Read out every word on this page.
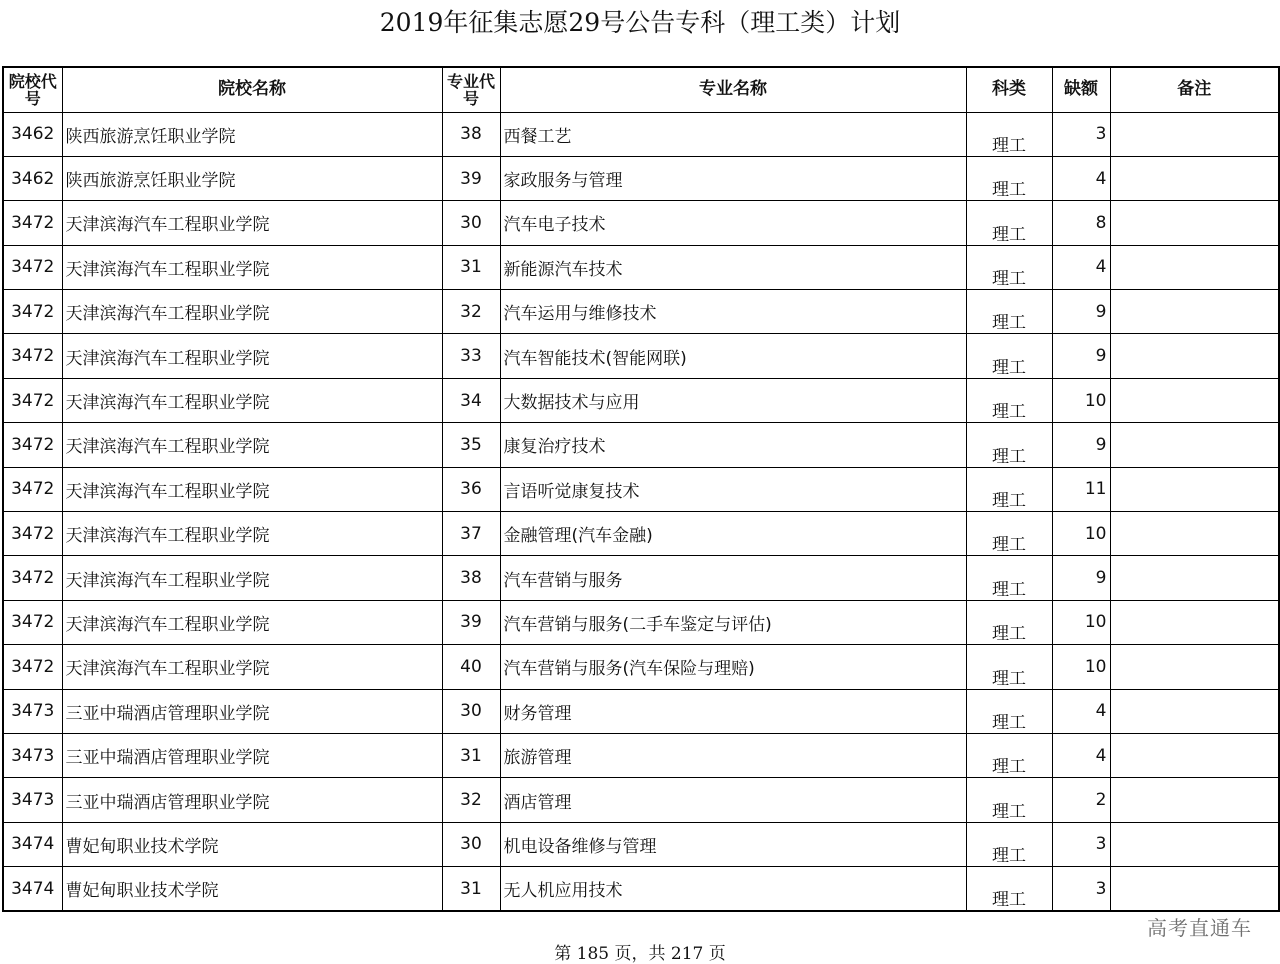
2019年征集志愿29号公告专科（理工类）计划
院校代号	院校名称	专业代号	专业名称	科类	缺额	备注
3462	陕西旅游烹饪职业学院	38	西餐工艺	理工	3	
3462	陕西旅游烹饪职业学院	39	家政服务与管理	理工	4	
3472	天津滨海汽车工程职业学院	30	汽车电子技术	理工	8	
3472	天津滨海汽车工程职业学院	31	新能源汽车技术	理工	4	
3472	天津滨海汽车工程职业学院	32	汽车运用与维修技术	理工	9	
3472	天津滨海汽车工程职业学院	33	汽车智能技术(智能网联)	理工	9	
3472	天津滨海汽车工程职业学院	34	大数据技术与应用	理工	10	
3472	天津滨海汽车工程职业学院	35	康复治疗技术	理工	9	
3472	天津滨海汽车工程职业学院	36	言语听觉康复技术	理工	11	
3472	天津滨海汽车工程职业学院	37	金融管理(汽车金融)	理工	10	
3472	天津滨海汽车工程职业学院	38	汽车营销与服务	理工	9	
3472	天津滨海汽车工程职业学院	39	汽车营销与服务(二手车鉴定与评估)	理工	10	
3472	天津滨海汽车工程职业学院	40	汽车营销与服务(汽车保险与理赔)	理工	10	
3473	三亚中瑞酒店管理职业学院	30	财务管理	理工	4	
3473	三亚中瑞酒店管理职业学院	31	旅游管理	理工	4	
3473	三亚中瑞酒店管理职业学院	32	酒店管理	理工	2	
3474	曹妃甸职业技术学院	30	机电设备维修与管理	理工	3	
3474	曹妃甸职业技术学院	31	无人机应用技术	理工	3	
高考直通车
第 185 页，共 217 页
